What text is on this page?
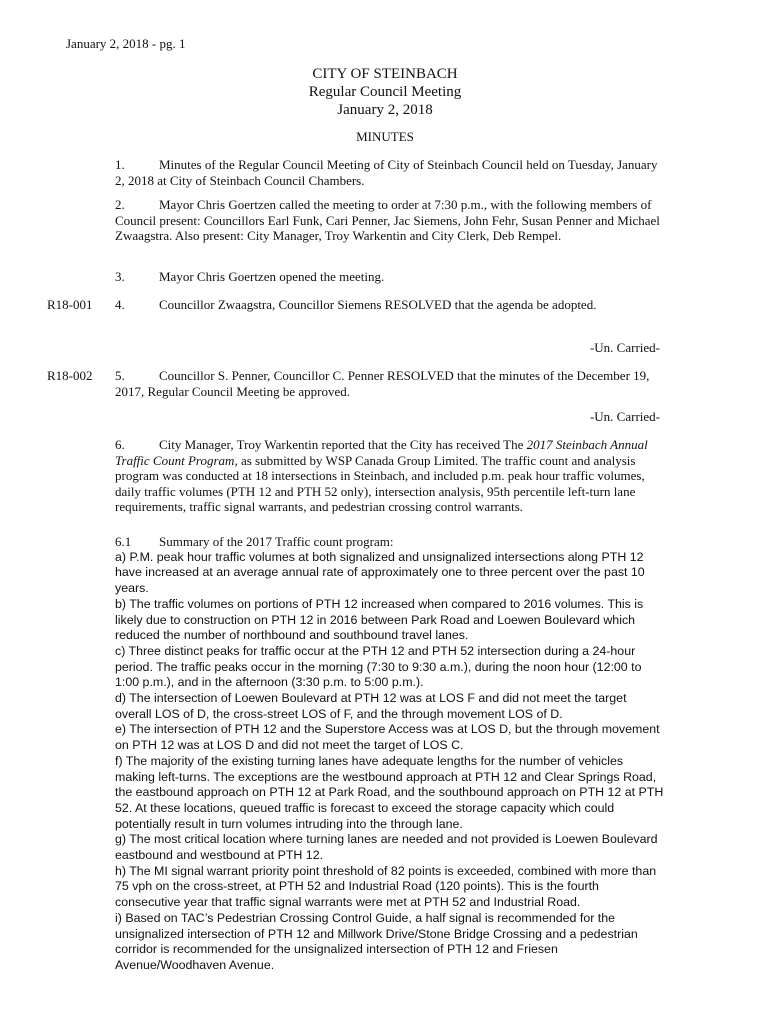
January 2, 2018 - pg. 1
CITY OF STEINBACH
Regular Council Meeting
January 2, 2018
MINUTES
1.	Minutes of the Regular Council Meeting of City of Steinbach Council held on Tuesday, January 2, 2018 at City of Steinbach Council Chambers.
2.	Mayor Chris Goertzen called the meeting to order at 7:30 p.m., with the following members of Council present: Councillors Earl Funk, Cari Penner, Jac Siemens, John Fehr, Susan Penner and Michael Zwaagstra. Also present: City Manager, Troy Warkentin and City Clerk, Deb Rempel.
3.	Mayor Chris Goertzen opened the meeting.
R18-001 4.	Councillor Zwaagstra, Councillor Siemens RESOLVED that the agenda be adopted.
-Un. Carried-
R18-002 5.	Councillor S. Penner, Councillor C. Penner RESOLVED that the minutes of the December 19, 2017, Regular Council Meeting be approved.
-Un. Carried-
6.	City Manager, Troy Warkentin reported that the City has received The 2017 Steinbach Annual Traffic Count Program, as submitted by WSP Canada Group Limited. The traffic count and analysis program was conducted at 18 intersections in Steinbach, and included p.m. peak hour traffic volumes, daily traffic volumes (PTH 12 and PTH 52 only), intersection analysis, 95th percentile left-turn lane requirements, traffic signal warrants, and pedestrian crossing control warrants.
6.1 Summary of the 2017 Traffic count program:
a) P.M. peak hour traffic volumes at both signalized and unsignalized intersections along PTH 12 have increased at an average annual rate of approximately one to three percent over the past 10 years.
b) The traffic volumes on portions of PTH 12 increased when compared to 2016 volumes. This is likely due to construction on PTH 12 in 2016 between Park Road and Loewen Boulevard which reduced the number of northbound and southbound travel lanes.
c) Three distinct peaks for traffic occur at the PTH 12 and PTH 52 intersection during a 24-hour period. The traffic peaks occur in the morning (7:30 to 9:30 a.m.), during the noon hour (12:00 to 1:00 p.m.), and in the afternoon (3:30 p.m. to 5:00 p.m.).
d) The intersection of Loewen Boulevard at PTH 12 was at LOS F and did not meet the target overall LOS of D, the cross-street LOS of F, and the through movement LOS of D.
e) The intersection of PTH 12 and the Superstore Access was at LOS D, but the through movement on PTH 12 was at LOS D and did not meet the target of LOS C.
f) The majority of the existing turning lanes have adequate lengths for the number of vehicles making left-turns. The exceptions are the westbound approach at PTH 12 and Clear Springs Road, the eastbound approach on PTH 12 at Park Road, and the southbound approach on PTH 12 at PTH 52. At these locations, queued traffic is forecast to exceed the storage capacity which could potentially result in turn volumes intruding into the through lane.
g) The most critical location where turning lanes are needed and not provided is Loewen Boulevard eastbound and westbound at PTH 12.
h) The MI signal warrant priority point threshold of 82 points is exceeded, combined with more than 75 vph on the cross-street, at PTH 52 and Industrial Road (120 points). This is the fourth consecutive year that traffic signal warrants were met at PTH 52 and Industrial Road.
i) Based on TAC’s Pedestrian Crossing Control Guide, a half signal is recommended for the unsignalized intersection of PTH 12 and Millwork Drive/Stone Bridge Crossing and a pedestrian corridor is recommended for the unsignalized intersection of PTH 12 and Friesen Avenue/Woodhaven Avenue.
